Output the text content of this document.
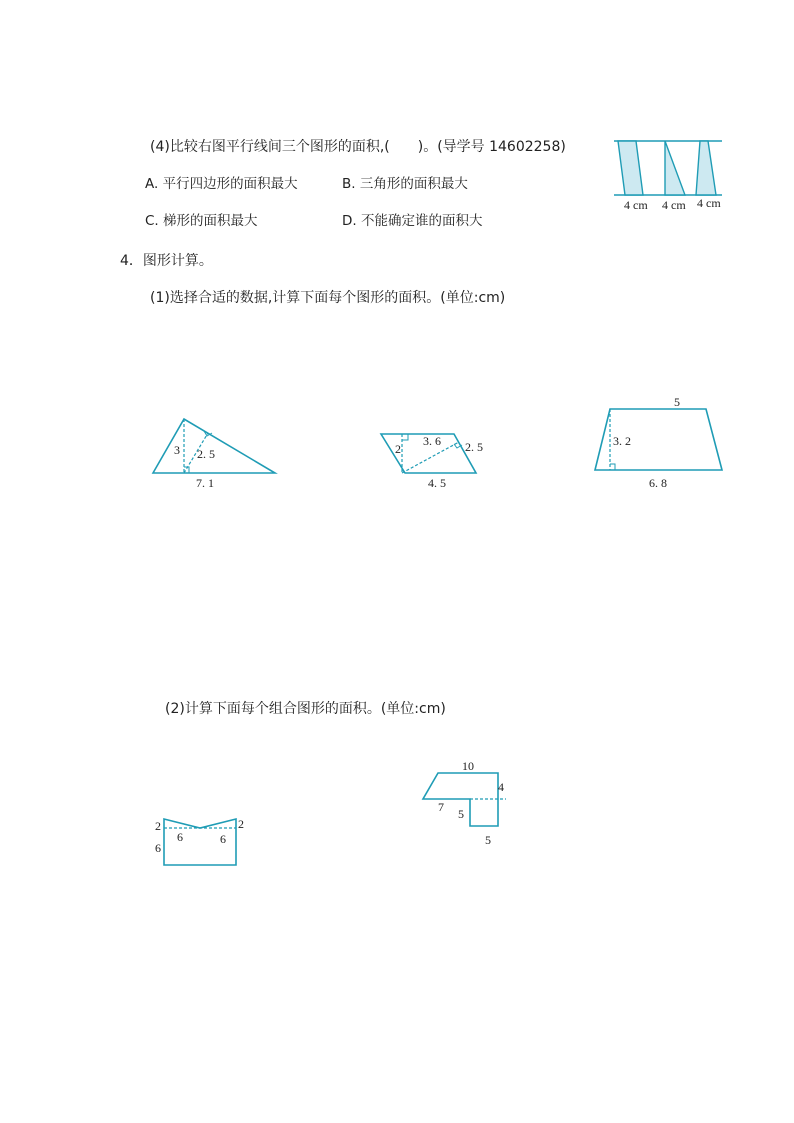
(4)比较右图平行线间三个图形的面积,(　　)。(导学号 14602258)
A. 平行四边形的面积最大	B. 三角形的面积最大
C. 梯形的面积最大	D. 不能确定谁的面积大
4 cm 4 cm 4 cm
4．图形计算。
(1)选择合适的数据,计算下面每个图形的面积。(单位:cm)
3 2. 5
7. 1
2
3. 6 2. 5
4. 5
5
3. 2
6. 8
(2)计算下面每个组合图形的面积。(单位:cm)
2	2
6
6	6
10
4
7 5
5
